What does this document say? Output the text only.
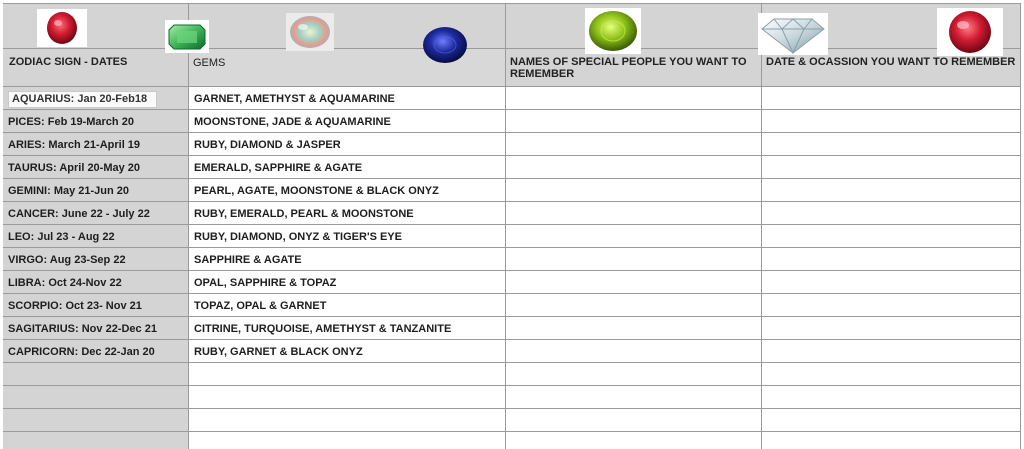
ZODIAC SIGN - DATES	GEMS	NAMES OF SPECIAL PEOPLE YOU WANT TO REMEMBER
DATE & OCASSION YOU WANT TO REMEMBER
AQUARIUS: Jan 20-Feb18
PICES: Feb 19-March 20
ARIES: March 21-April 19
TAURUS: April 20-May 20
GEMINI: May 21-Jun 20
CANCER: June 22 - July 22
LEO: Jul 23 - Aug 22
VIRGO: Aug 23-Sep 22
LIBRA: Oct 24-Nov 22
SCORPIO: Oct 23- Nov 21
SAGITARIUS: Nov 22-Dec 21
CAPRICORN: Dec 22-Jan 20
GARNET, AMETHYST & AQUAMARINE
MOONSTONE, JADE & AQUAMARINE
RUBY, DIAMOND & JASPER
EMERALD, SAPPHIRE & AGATE
PEARL, AGATE, MOONSTONE & BLACK ONYZ
RUBY, EMERALD, PEARL & MOONSTONE
RUBY, DIAMOND, ONYZ & TIGER'S EYE
SAPPHIRE & AGATE
OPAL, SAPPHIRE & TOPAZ
TOPAZ, OPAL & GARNET
CITRINE, TURQUOISE, AMETHYST & TANZANITE
RUBY, GARNET & BLACK ONYZ
